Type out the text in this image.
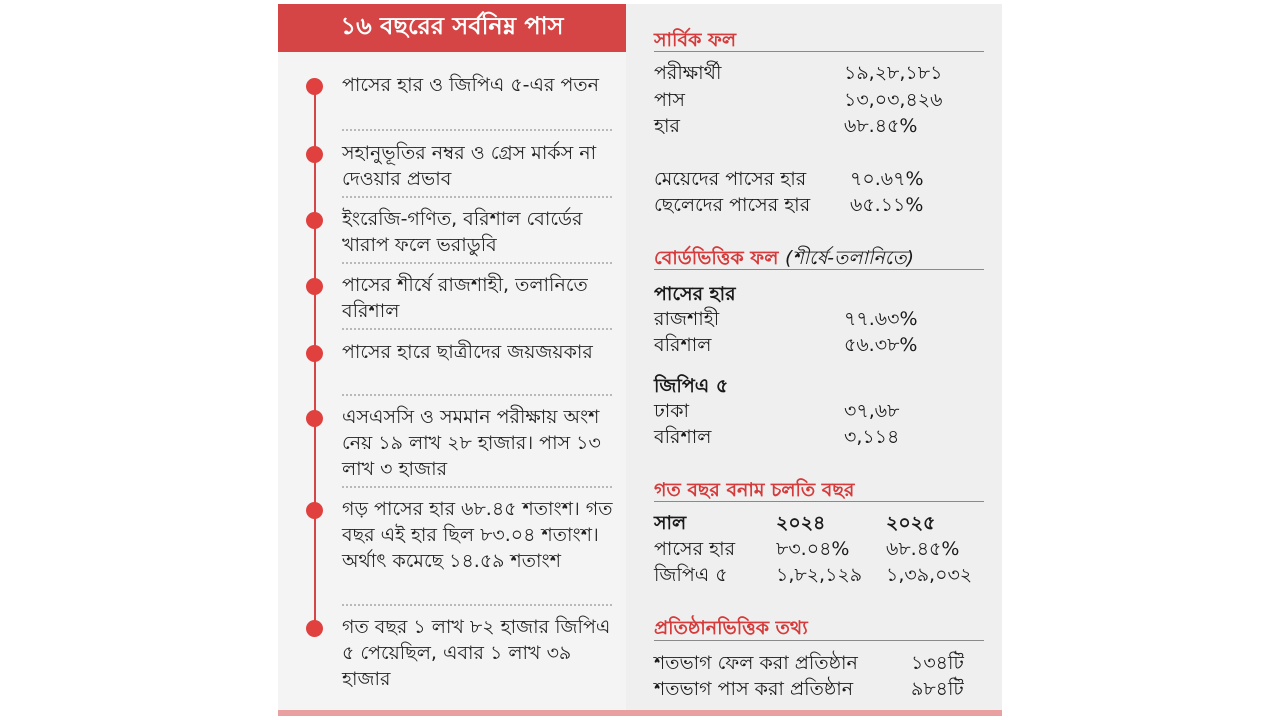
১৬ বছরের সর্বনিম্ন পাস
পাসের হার ও জিপিএ ৫-এর পতন
সহানুভূতির নম্বর ও গ্রেস মার্কস না দেওয়ার প্রভাব
ইংরেজি-গণিত, বরিশাল বোর্ডের খারাপ ফলে ভরাডুবি
পাসের শীর্ষে রাজশাহী, তলানিতে বরিশাল
পাসের হারে ছাত্রীদের জয়জয়কার
এসএসসি ও সমমান পরীক্ষায় অংশ নেয় ১৯ লাখ ২৮ হাজার। পাস ১৩ লাখ ৩ হাজার
গড় পাসের হার ৬৮.৪৫ শতাংশ। গত বছর এই হার ছিল ৮৩.০৪ শতাংশ। অর্থাৎ কমেছে ১৪.৫৯ শতাংশ
গত বছর ১ লাখ ৮২ হাজার জিপিএ ৫ পেয়েছিল, এবার ১ লাখ ৩৯ হাজার
সার্বিক ফল
পরীক্ষার্থী	১৯,২৮,১৮১
পাস	১৩,০৩,৪২৬
হার	৬৮.৪৫%
মেয়েদের পাসের হার ৭০.৬৭%
ছেলেদের পাসের হার ৬৫.১১%
বোর্ডভিত্তিক ফল (শীর্ষে-তলানিতে)
পাসের হার
রাজশাহী	৭৭.৬৩%
বরিশাল	৫৬.৩৮%
জিপিএ ৫
ঢাকা	৩৭,৬৮
বরিশাল	৩,১১৪
গত বছর বনাম চলতি বছর
সাল	২০২৪	২০২৫
পাসের হার ৮৩.০৪% ৬৮.৪৫%
জিপিএ ৫	১,৮২,১২৯ ১,৩৯,০৩২
প্রতিষ্ঠানভিত্তিক তথ্য
শতভাগ ফেল করা প্রতিষ্ঠান	১৩৪টি
শতভাগ পাস করা প্রতিষ্ঠান	৯৮৪টি
